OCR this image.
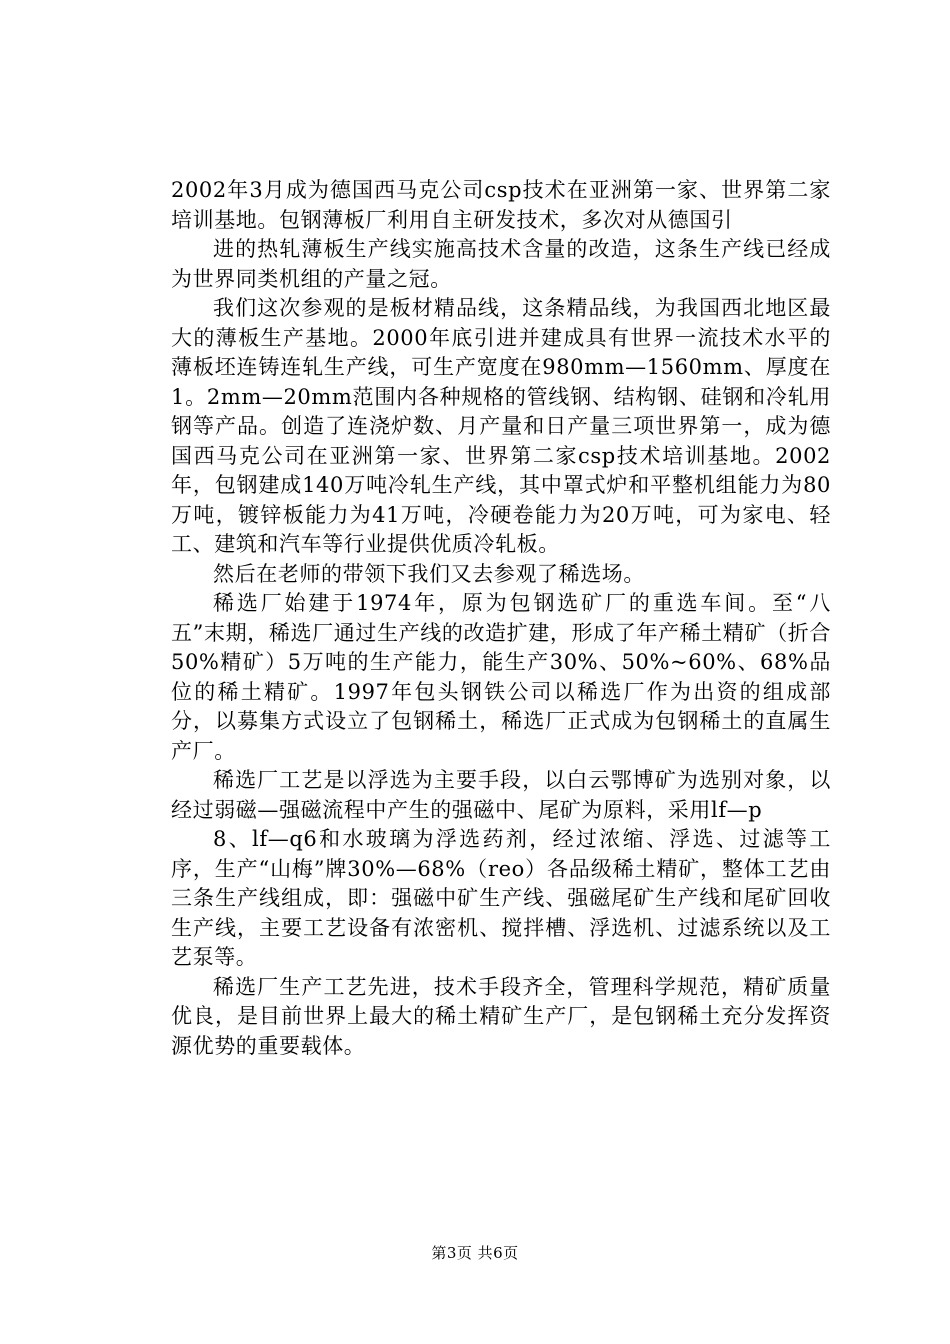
2002年3月成为德国西马克公司csp技术在亚洲第一家、世界第二家培训基地。包钢薄板厂利用自主研发技术，多次对从德国引

进的热轧薄板生产线实施高技术含量的改造，这条生产线已经成为世界同类机组的产量之冠。

我们这次参观的是板材精品线，这条精品线，为我国西北地区最大的薄板生产基地。2000年底引进并建成具有世界一流技术水平的薄板坯连铸连轧生产线，可生产宽度在980mm—1560mm、厚度在1。2mm—20mm范围内各种规格的管线钢、结构钢、硅钢和冷轧用钢等产品。创造了连浇炉数、月产量和日产量三项世界第一，成为德国西马克公司在亚洲第一家、世界第二家csp技术培训基地。2002年，包钢建成140万吨冷轧生产线，其中罩式炉和平整机组能力为80万吨，镀锌板能力为41万吨，冷硬卷能力为20万吨，可为家电、轻工、建筑和汽车等行业提供优质冷轧板。

然后在老师的带领下我们又去参观了稀选场。

稀选厂始建于1974年，原为包钢选矿厂的重选车间。至“八五”末期，稀选厂通过生产线的改造扩建，形成了年产稀土精矿（折合50%精矿）5万吨的生产能力，能生产30%、50%~60%、68%品位的稀土精矿。1997年包头钢铁公司以稀选厂作为出资的组成部分，以募集方式设立了包钢稀土，稀选厂正式成为包钢稀土的直属生产厂。

稀选厂工艺是以浮选为主要手段，以白云鄂博矿为选别对象，以经过弱磁—强磁流程中产生的强磁中、尾矿为原料，采用lf—p

8、lf—q6和水玻璃为浮选药剂，经过浓缩、浮选、过滤等工序，生产“山梅”牌30%—68%（reo）各品级稀土精矿，整体工艺由三条生产线组成，即：强磁中矿生产线、强磁尾矿生产线和尾矿回收生产线，主要工艺设备有浓密机、搅拌槽、浮选机、过滤系统以及工艺泵等。

稀选厂生产工艺先进，技术手段齐全，管理科学规范，精矿质量优良，是目前世界上最大的稀土精矿生产厂，是包钢稀土充分发挥资源优势的重要载体。

第3页 共6页
